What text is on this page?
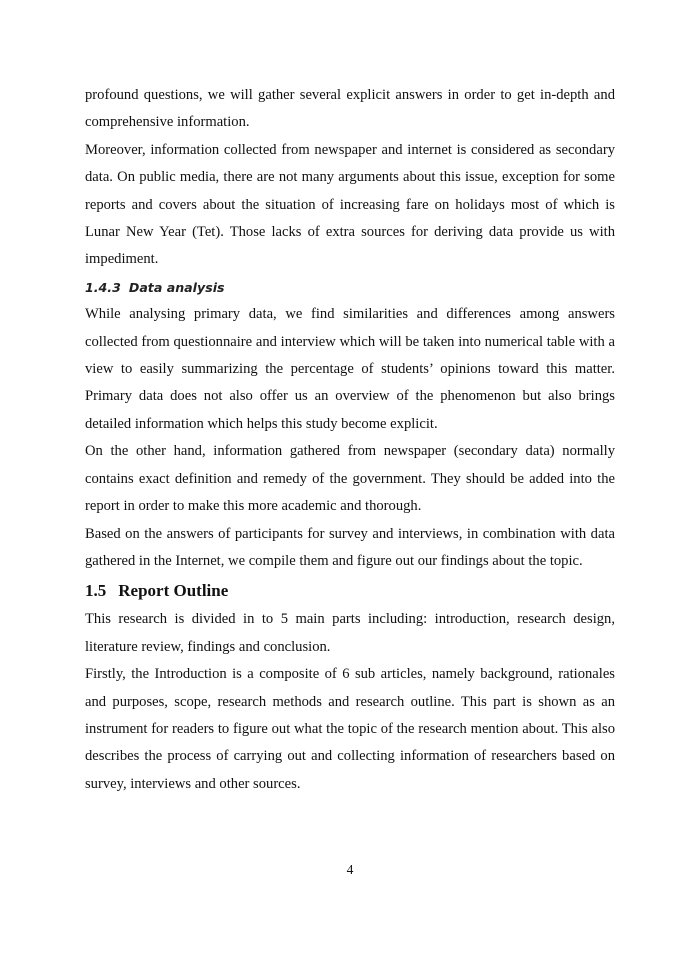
profound questions, we will gather several explicit answers in order to get in-depth and comprehensive information.

Moreover, information collected from newspaper and internet is considered as secondary data. On public media, there are not many arguments about this issue, exception for some reports and covers about the situation of increasing fare on holidays most of which is Lunar New Year (Tet). Those lacks of extra sources for deriving data provide us with impediment.

1.4.3 Data analysis

While analysing primary data, we find similarities and differences among answers collected from questionnaire and interview which will be taken into numerical table with a view to easily summarizing the percentage of students’ opinions toward this matter. Primary data does not also offer us an overview of the phenomenon but also brings detailed information which helps this study become explicit.

On the other hand, information gathered from newspaper (secondary data) normally contains exact definition and remedy of the government. They should be added into the report in order to make this more academic and thorough.

Based on the answers of participants for survey and interviews, in combination with data gathered in the Internet, we compile them and figure out our findings about the topic.

1.5 Report Outline

This research is divided in to 5 main parts including: introduction, research design, literature review, findings and conclusion.

Firstly, the Introduction is a composite of 6 sub articles, namely background, rationales and purposes, scope, research methods and research outline. This part is shown as an instrument for readers to figure out what the topic of the research mention about. This also describes the process of carrying out and collecting information of researchers based on survey, interviews and other sources.

4
